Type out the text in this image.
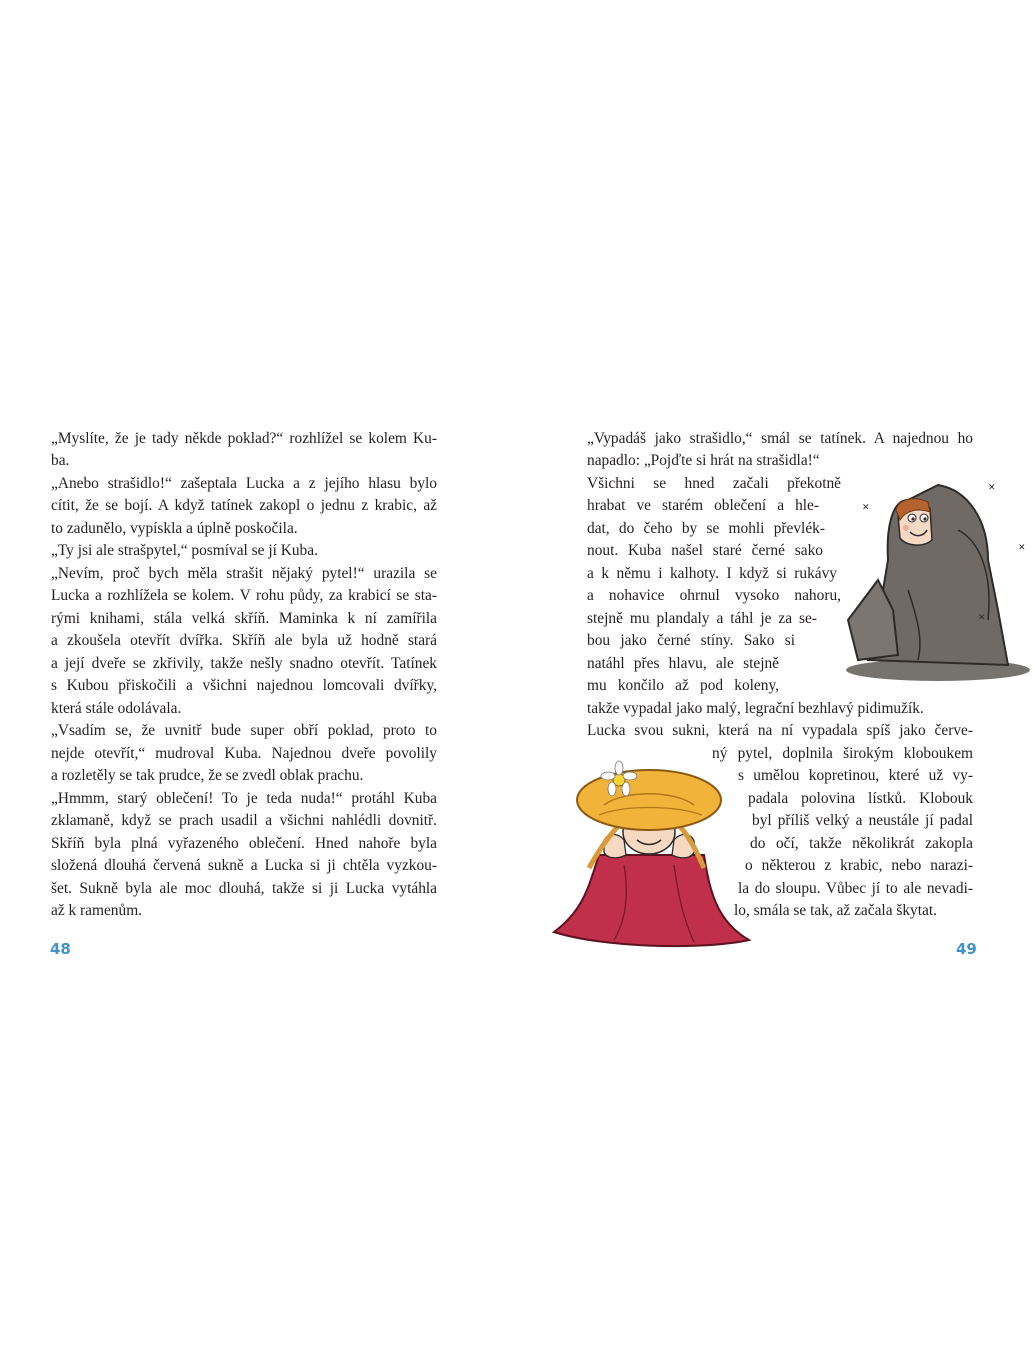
„Myslíte, že je tady někde poklad?“ rozhlížel se kolem Ku-

ba.

„Anebo strašidlo!“ zašeptala Lucka a z jejího hlasu bylo

cítit, že se bojí. A když tatínek zakopl o jednu z krabic, až

to zadunělo, vypískla a úplně poskočila.

„Ty jsi ale strašpytel,“ posmíval se jí Kuba.

„Nevím, proč bych měla strašit nějaký pytel!“ urazila se

Lucka a rozhlížela se kolem. V rohu půdy, za krabicí se sta-

rými knihami, stála velká skříň. Maminka k ní zamířila

a zkoušela otevřít dvířka. Skříň ale byla už hodně stará

a její dveře se zkřivily, takže nešly snadno otevřít. Tatínek

s Kubou přiskočili a všichni najednou lomcovali dvířky,

která stále odolávala.

„Vsadím se, že uvnitř bude super obří poklad, proto to

nejde otevřít,“ mudroval Kuba. Najednou dveře povolily

a rozletěly se tak prudce, že se zvedl oblak prachu.

„Hmmm, starý oblečení! To je teda nuda!“ protáhl Kuba

zklamaně, když se prach usadil a všichni nahlédli dovnitř.

Skříň byla plná vyřazeného oblečení. Hned nahoře byla

složená dlouhá červená sukně a Lucka si ji chtěla vyzkou-

šet. Sukně byla ale moc dlouhá, takže si ji Lucka vytáhla

až k ramenům.

48
✕
✕
✕
✕

„Vypadáš jako strašidlo,“ smál se tatínek. A najednou ho

napadlo: „Pojďte si hrát na strašidla!“

Všichni se hned začali překotně

hrabat ve starém oblečení a hle-

dat, do čeho by se mohli převlék-

nout. Kuba našel staré černé sako

a k němu i kalhoty. I když si rukávy

a nohavice ohrnul vysoko nahoru,

stejně mu plandaly a táhl je za se-

bou jako černé stíny. Sako si

natáhl přes hlavu, ale stejně

mu končilo až pod koleny,

takže vypadal jako malý, legrační bezhlavý pidimužík.

Lucka svou sukni, která na ní vypadala spíš jako červe-

ný pytel, doplnila širokým kloboukem

s umělou kopretinou, které už vy-

padala polovina lístků. Klobouk

byl příliš velký a neustále jí padal

do očí, takže několikrát zakopla

o některou z krabic, nebo narazi-

la do sloupu. Vůbec jí to ale nevadi-

lo, smála se tak, až začala škytat.

49
